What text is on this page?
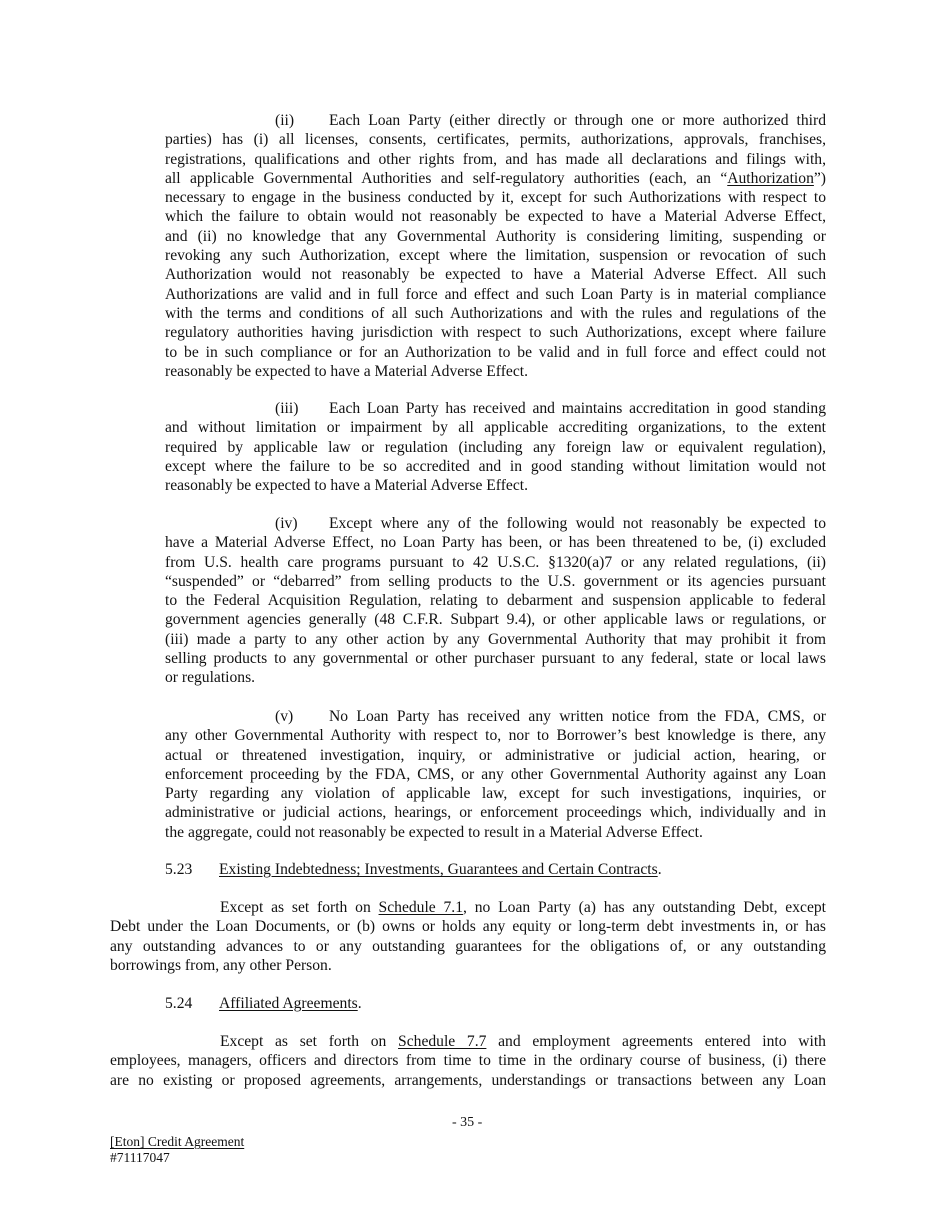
(ii) Each Loan Party (either directly or through one or more authorized third
parties) has (i) all licenses, consents, certificates, permits, authorizations, approvals, franchises,
registrations, qualifications and other rights from, and has made all declarations and filings with,
all applicable Governmental Authorities and self-regulatory authorities (each, an “Authorization”)
necessary to engage in the business conducted by it, except for such Authorizations with respect to
which the failure to obtain would not reasonably be expected to have a Material Adverse Effect,
and (ii) no knowledge that any Governmental Authority is considering limiting, suspending or
revoking any such Authorization, except where the limitation, suspension or revocation of such
Authorization would not reasonably be expected to have a Material Adverse Effect. All such
Authorizations are valid and in full force and effect and such Loan Party is in material compliance
with the terms and conditions of all such Authorizations and with the rules and regulations of the
regulatory authorities having jurisdiction with respect to such Authorizations, except where failure
to be in such compliance or for an Authorization to be valid and in full force and effect could not
reasonably be expected to have a Material Adverse Effect.
(iii) Each Loan Party has received and maintains accreditation in good standing
and without limitation or impairment by all applicable accrediting organizations, to the extent
required by applicable law or regulation (including any foreign law or equivalent regulation),
except where the failure to be so accredited and in good standing without limitation would not
reasonably be expected to have a Material Adverse Effect.
(iv) Except where any of the following would not reasonably be expected to
have a Material Adverse Effect, no Loan Party has been, or has been threatened to be, (i) excluded
from U.S. health care programs pursuant to 42 U.S.C. §1320(a)7 or any related regulations, (ii)
“suspended” or “debarred” from selling products to the U.S. government or its agencies pursuant
to the Federal Acquisition Regulation, relating to debarment and suspension applicable to federal
government agencies generally (48 C.F.R. Subpart 9.4), or other applicable laws or regulations, or
(iii) made a party to any other action by any Governmental Authority that may prohibit it from
selling products to any governmental or other purchaser pursuant to any federal, state or local laws
or regulations.
(v) No Loan Party has received any written notice from the FDA, CMS, or
any other Governmental Authority with respect to, nor to Borrower’s best knowledge is there, any
actual or threatened investigation, inquiry, or administrative or judicial action, hearing, or
enforcement proceeding by the FDA, CMS, or any other Governmental Authority against any Loan
Party regarding any violation of applicable law, except for such investigations, inquiries, or
administrative or judicial actions, hearings, or enforcement proceedings which, individually and in
the aggregate, could not reasonably be expected to result in a Material Adverse Effect.
5.23 Existing Indebtedness; Investments, Guarantees and Certain Contracts.
Except as set forth on Schedule 7.1, no Loan Party (a) has any outstanding Debt, except
Debt under the Loan Documents, or (b) owns or holds any equity or long-term debt investments in, or has
any outstanding advances to or any outstanding guarantees for the obligations of, or any outstanding
borrowings from, any other Person.
5.24 Affiliated Agreements.
Except as set forth on Schedule 7.7 and employment agreements entered into with
employees, managers, officers and directors from time to time in the ordinary course of business, (i) there
are no existing or proposed agreements, arrangements, understandings or transactions between any Loan
- 35 -
[Eton] Credit Agreement
#71117047
